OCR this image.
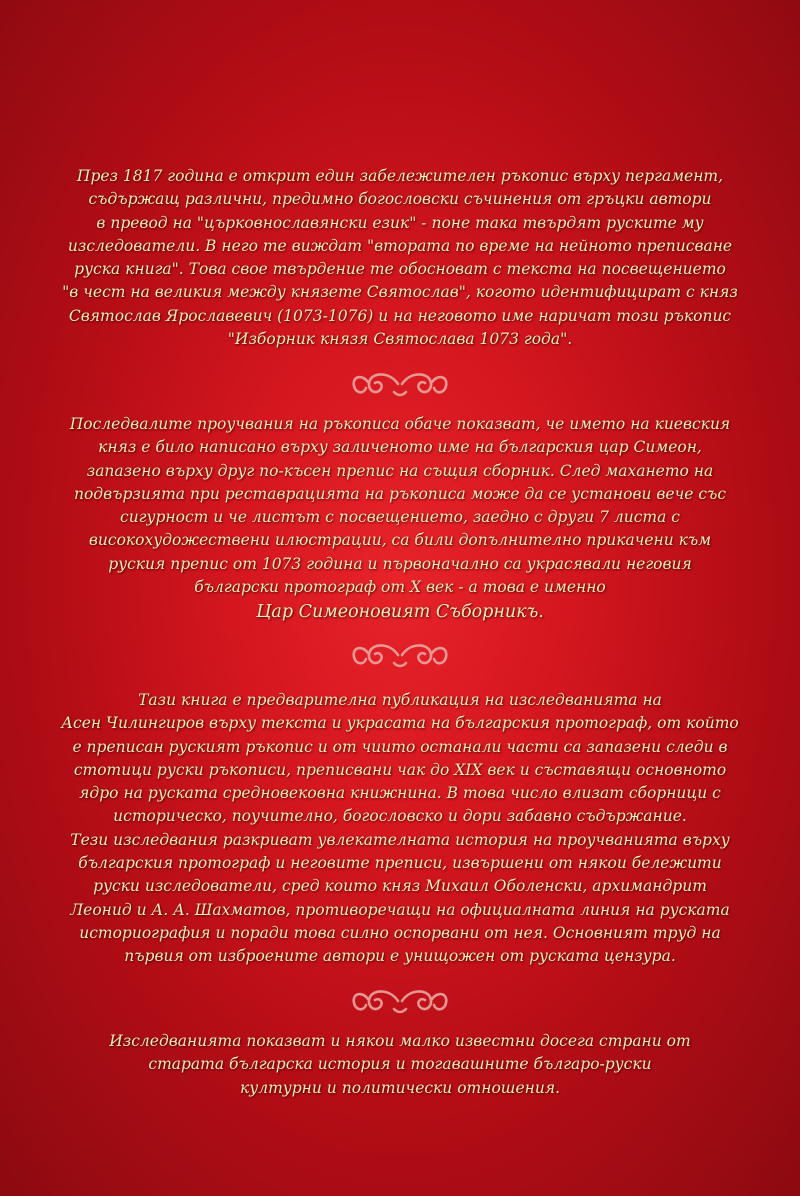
През 1817 година е открит един забележителен ръкопис върху пергамент,
съдържащ различни, предимно богословски съчинения от гръцки автори
в превод на "църковнославянски език" - поне така твърдят руските му
изследователи. В него те виждат "втората по време на нейното преписване
руска книга". Това свое твърдение те обосноват с текста на посвещението
"в чест на великия между князете Святослав", когото идентифицират с княз
Святослав Ярославевич (1073-1076) и на неговото име наричат този ръкопис
"Изборник князя Святослава 1073 года".

Последвалите проучвания на ръкописа обаче показват, че името на киевския
княз е било написано върху заличеното име на българския цар Симеон,
запазено върху друг по-късен препис на същия сборник. След махането на
подвързията при реставрацията на ръкописа може да се установи вече със
сигурност и че листът с посвещението, заедно с други 7 листа с
високохудожествени илюстрации, са били допълнително прикачени към
руския препис от 1073 година и първоначално са украсявали неговия
български протограф от X век - а това е именно
Цар Симеоновият Съборникъ.

Тази книга е предварителна публикация на изследванията на
Асен Чилингиров върху текста и украсата на българския протограф, от който
е преписан руският ръкопис и от чиито останали части са запазени следи в
стотици руски ръкописи, преписвани чак до XIX век и съставящи основното
ядро на руската средновековна книжнина. В това число влизат сборници с
историческо, поучително, богословско и дори забавно съдържание.
Тези изследвания разкриват увлекателната история на проучванията върху
българския протограф и неговите преписи, извършени от някои бележити
руски изследователи, сред които княз Михаил Оболенски, архимандрит
Леонид и А. А. Шахматов, противоречащи на официалната линия на руската
историография и поради това силно оспорвани от нея. Основният труд на
първия от изброените автори е унищожен от руската цензура.

Изследванията показват и някои малко известни досега страни от
старата българска история и тогавашните българо-руски
културни и политически отношения.
